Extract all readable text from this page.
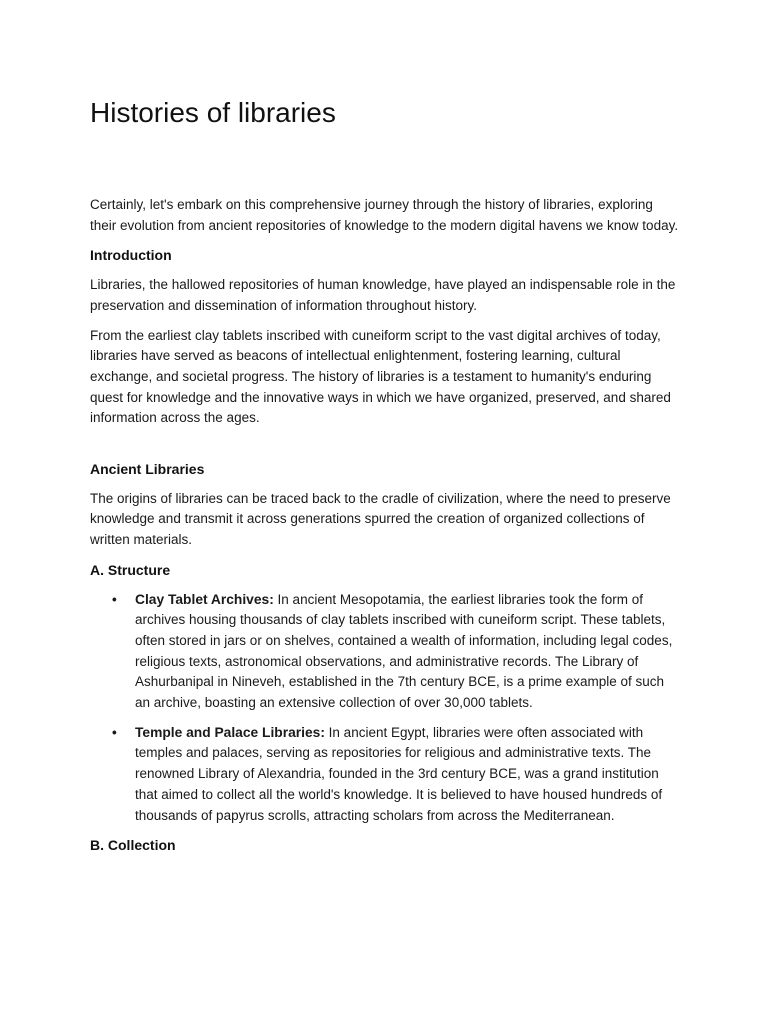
Histories of libraries

Certainly, let's embark on this comprehensive journey through the history of libraries, exploring their evolution from ancient repositories of knowledge to the modern digital havens we know today.

Introduction

Libraries, the hallowed repositories of human knowledge, have played an indispensable role in the preservation and dissemination of information throughout history.

From the earliest clay tablets inscribed with cuneiform script to the vast digital archives of today, libraries have served as beacons of intellectual enlightenment, fostering learning, cultural exchange, and societal progress. The history of libraries is a testament to humanity's enduring quest for knowledge and the innovative ways in which we have organized, preserved, and shared information across the ages.

Ancient Libraries

The origins of libraries can be traced back to the cradle of civilization, where the need to preserve knowledge and transmit it across generations spurred the creation of organized collections of written materials.

A. Structure
• Clay Tablet Archives: In ancient Mesopotamia, the earliest libraries took the form of archives housing thousands of clay tablets inscribed with cuneiform script. These tablets, often stored in jars or on shelves, contained a wealth of information, including legal codes, religious texts, astronomical observations, and administrative records. The Library of Ashurbanipal in Nineveh, established in the 7th century BCE, is a prime example of such an archive, boasting an extensive collection of over 30,000 tablets.
• Temple and Palace Libraries: In ancient Egypt, libraries were often associated with temples and palaces, serving as repositories for religious and administrative texts. The renowned Library of Alexandria, founded in the 3rd century BCE, was a grand institution that aimed to collect all the world's knowledge. It is believed to have housed hundreds of thousands of papyrus scrolls, attracting scholars from across the Mediterranean.
B. Collection
